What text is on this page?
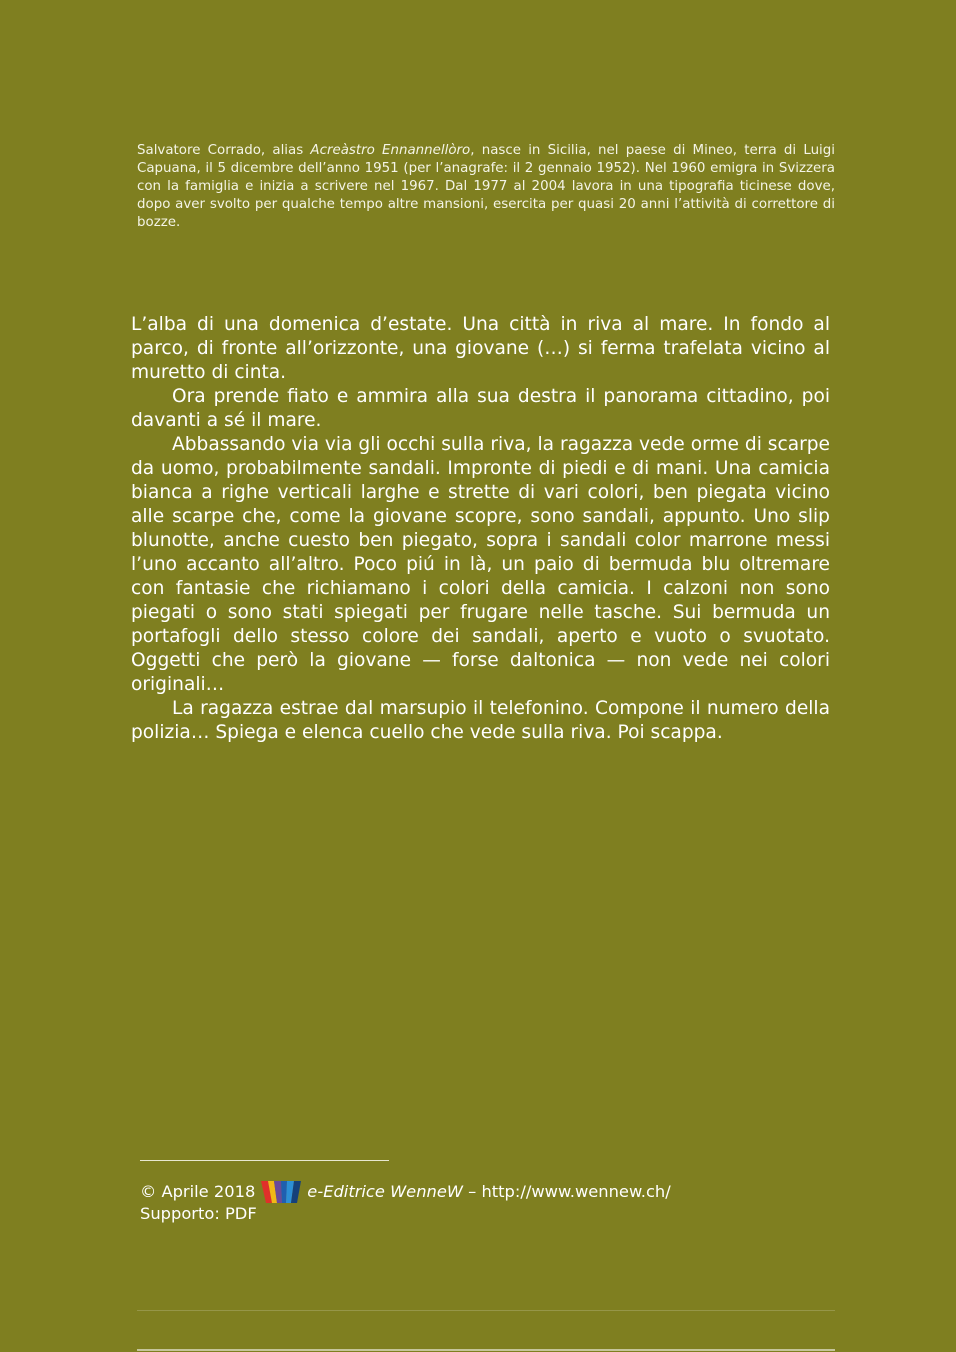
Salvatore Corrado, alias Acreàstro Ennannellòro, nasce in Sicilia, nel paese di Mineo, terra di Luigi Capuana, il 5 dicembre dell’anno 1951 (per l’anagrafe: il 2 gennaio 1952). Nel 1960 emigra in Svizzera con la famiglia e inizia a scrivere nel 1967. Dal 1977 al 2004 lavora in una tipografia ticinese dove, dopo aver svolto per qualche tempo altre mansioni, esercita per quasi 20 anni l’attività di correttore di bozze.

L’alba di una domenica d’estate. Una città in riva al mare. In fondo al parco, di fronte all’orizzonte, una giovane (…) si ferma trafelata vicino al muretto di cinta.

Ora prende fiato e ammira alla sua destra il panorama cittadino, poi davanti a sé il mare.

Abbassando via via gli occhi sulla riva, la ragazza vede orme di scarpe da uomo, probabilmente sandali. Impronte di piedi e di mani. Una camicia bianca a righe verticali larghe e strette di vari colori, ben piegata vicino alle scarpe che, come la giovane scopre, sono sandali, appunto. Uno slip blunotte, anche cuesto ben piegato, sopra i sandali color marrone messi l’uno accanto all’altro. Poco piú in là, un paio di bermuda blu oltremare con fantasie che richiamano i colori della camicia. I calzoni non sono piegati o sono stati spiegati per frugare nelle tasche. Sui bermuda un portafogli dello stesso colore dei sandali, aperto e vuoto o svuotato. Oggetti che però la giovane — forse daltonica — non vede nei colori originali…

La ragazza estrae dal marsupio il telefonino. Compone il numero della polizia… Spiega e elenca cuello che vede sulla riva. Poi scappa.

© Aprile 2018	e-Editrice WenneW – http://www.wennew.ch/
Supporto: PDF
